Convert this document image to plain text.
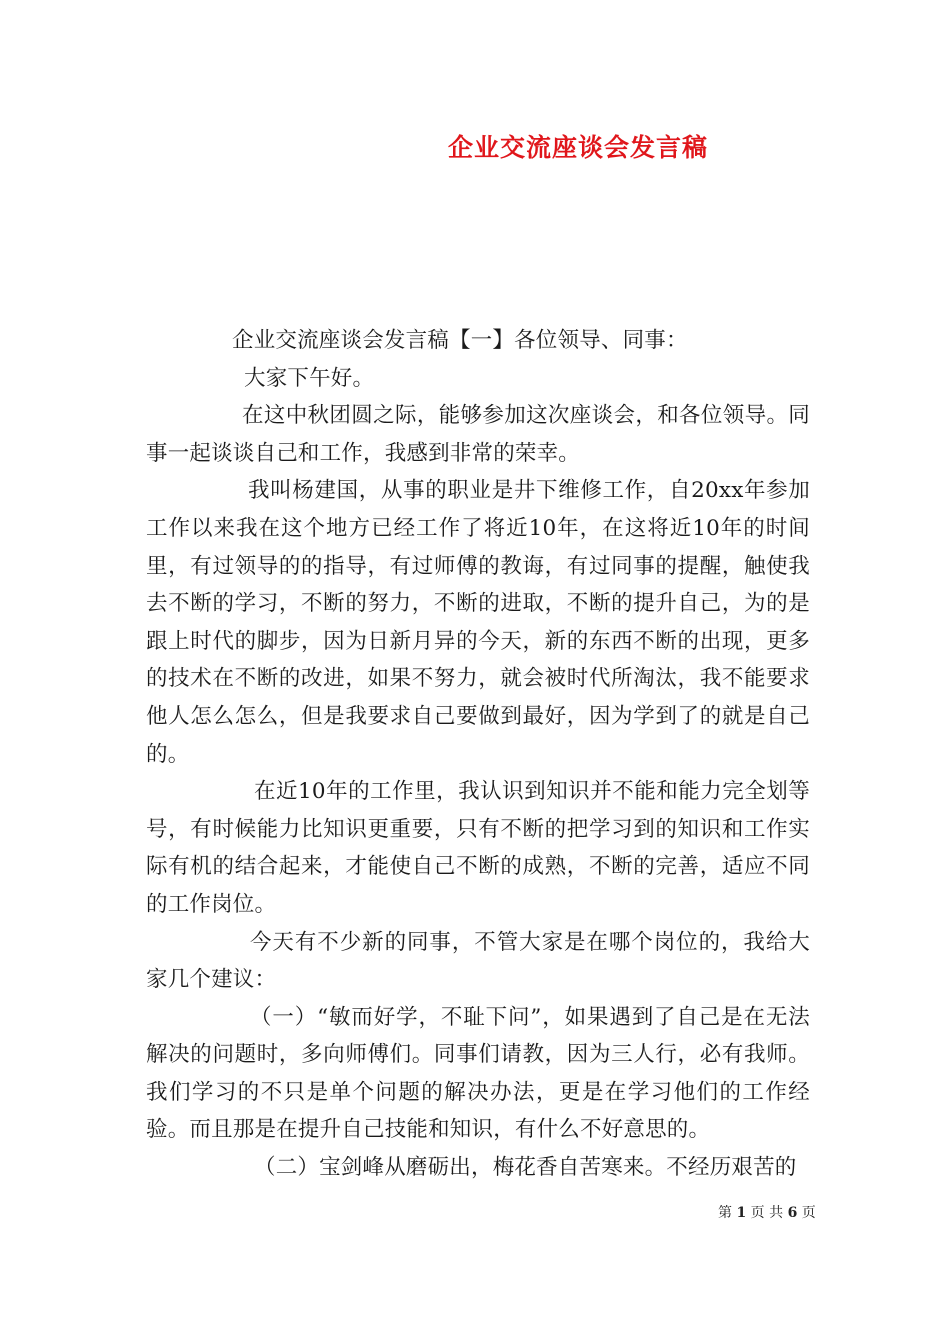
企业交流座谈会发言稿

企业交流座谈会发言稿【一】各位领导、同事：

大家下午好。

在这中秋团圆之际，能够参加这次座谈会，和各位领导。同事一起谈谈自己和工作，我感到非常的荣幸。

我叫杨建国，从事的职业是井下维修工作，自20xx年参加工作以来我在这个地方已经工作了将近10年，在这将近10年的时间里，有过领导的的指导，有过师傅的教诲，有过同事的提醒，触使我去不断的学习，不断的努力，不断的进取，不断的提升自己，为的是跟上时代的脚步，因为日新月异的今天，新的东西不断的出现，更多的技术在不断的改进，如果不努力，就会被时代所淘汰，我不能要求他人怎么怎么，但是我要求自己要做到最好，因为学到了的就是自己的。

在近10年的工作里，我认识到知识并不能和能力完全划等号，有时候能力比知识更重要，只有不断的把学习到的知识和工作实际有机的结合起来，才能使自己不断的成熟，不断的完善，适应不同的工作岗位。

今天有不少新的同事，不管大家是在哪个岗位的，我给大家几个建议：

（一）“敏而好学，不耻下问”，如果遇到了自己是在无法解决的问题时，多向师傅们。同事们请教，因为三人行，必有我师。我们学习的不只是单个问题的解决办法，更是在学习他们的工作经验。而且那是在提升自己技能和知识，有什么不好意思的。

（二）宝剑峰从磨砺出，梅花香自苦寒来。不经历艰苦的

第 1 页 共 6 页
